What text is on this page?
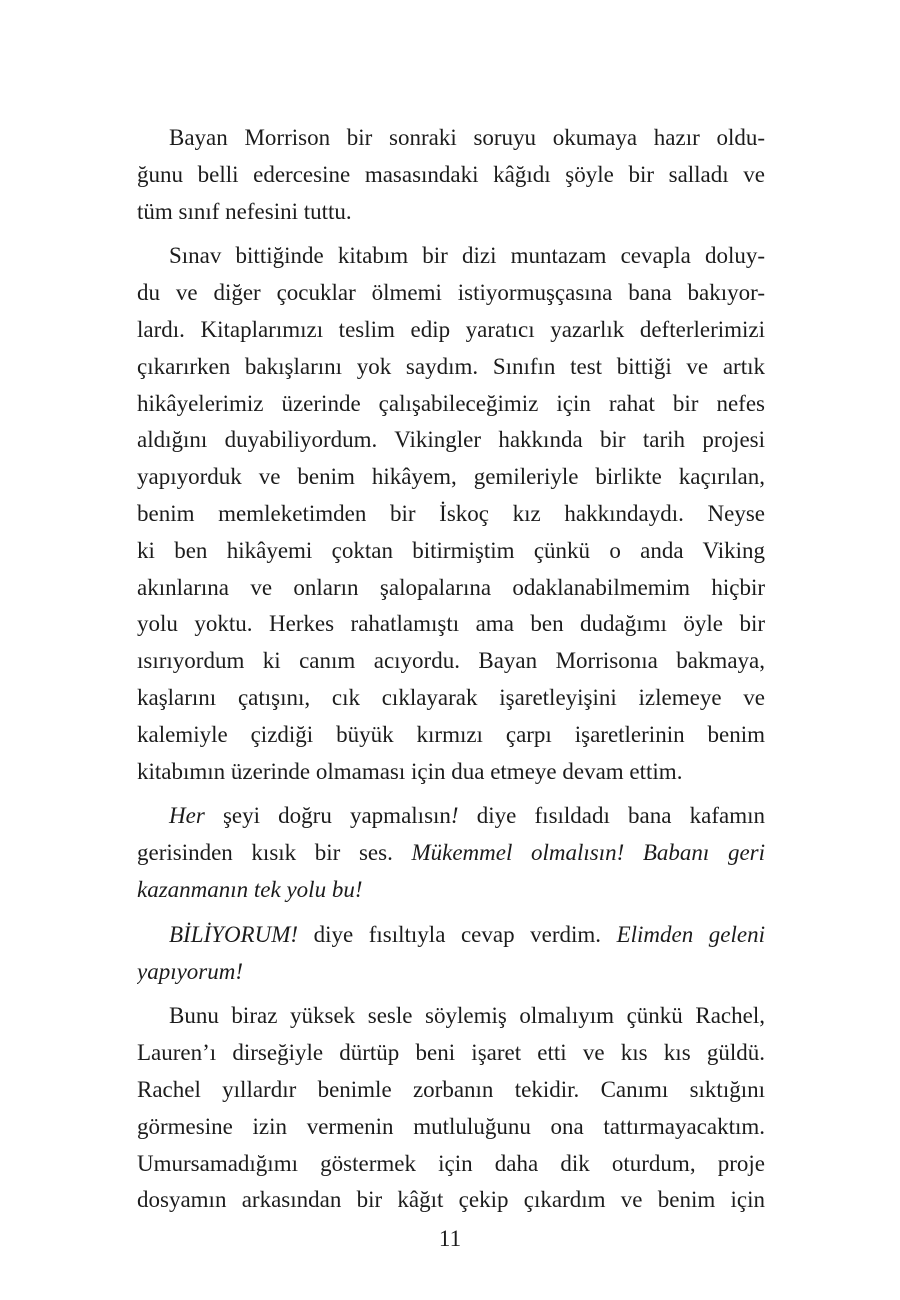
Bayan Morrison bir sonraki soruyu okumaya hazır oldu-
ğunu belli edercesine masasındaki kâğıdı şöyle bir salladı ve
tüm sınıf nefesini tuttu.
Sınav bittiğinde kitabım bir dizi muntazam cevapla doluy-
du ve diğer çocuklar ölmemi istiyormuşçasına bana bakıyor-
lardı. Kitaplarımızı teslim edip yaratıcı yazarlık defterlerimizi
çıkarırken bakışlarını yok saydım. Sınıfın test bittiği ve artık
hikâyelerimiz üzerinde çalışabileceğimiz için rahat bir nefes
aldığını duyabiliyordum. Vikingler hakkında bir tarih projesi
yapıyorduk ve benim hikâyem, gemileriyle birlikte kaçırılan,
benim memleketimden bir İskoç kız hakkındaydı. Neyse
ki ben hikâyemi çoktan bitirmiştim çünkü o anda Viking
akınlarına ve onların şalopalarına odaklanabilmemim hiçbir
yolu yoktu. Herkes rahatlamıştı ama ben dudağımı öyle bir
ısırıyordum ki canım acıyordu. Bayan Morrisonıa bakmaya,
kaşlarını çatışını, cık cıklayarak işaretleyişini izlemeye ve
kalemiyle çizdiği büyük kırmızı çarpı işaretlerinin benim
kitabımın üzerinde olmaması için dua etmeye devam ettim.
Her şeyi doğru yapmalısın! diye fısıldadı bana kafamın
gerisinden kısık bir ses. Mükemmel olmalısın! Babanı geri
kazanmanın tek yolu bu!
BİLİYORUM! diye fısıltıyla cevap verdim. Elimden geleni
yapıyorum!
Bunu biraz yüksek sesle söylemiş olmalıyım çünkü Rachel,
Lauren’ı dirseğiyle dürtüp beni işaret etti ve kıs kıs güldü.
Rachel yıllardır benimle zorbanın tekidir. Canımı sıktığını
görmesine izin vermenin mutluluğunu ona tattırmayacaktım.
Umursamadığımı göstermek için daha dik oturdum, proje
dosyamın arkasından bir kâğıt çekip çıkardım ve benim için
11
